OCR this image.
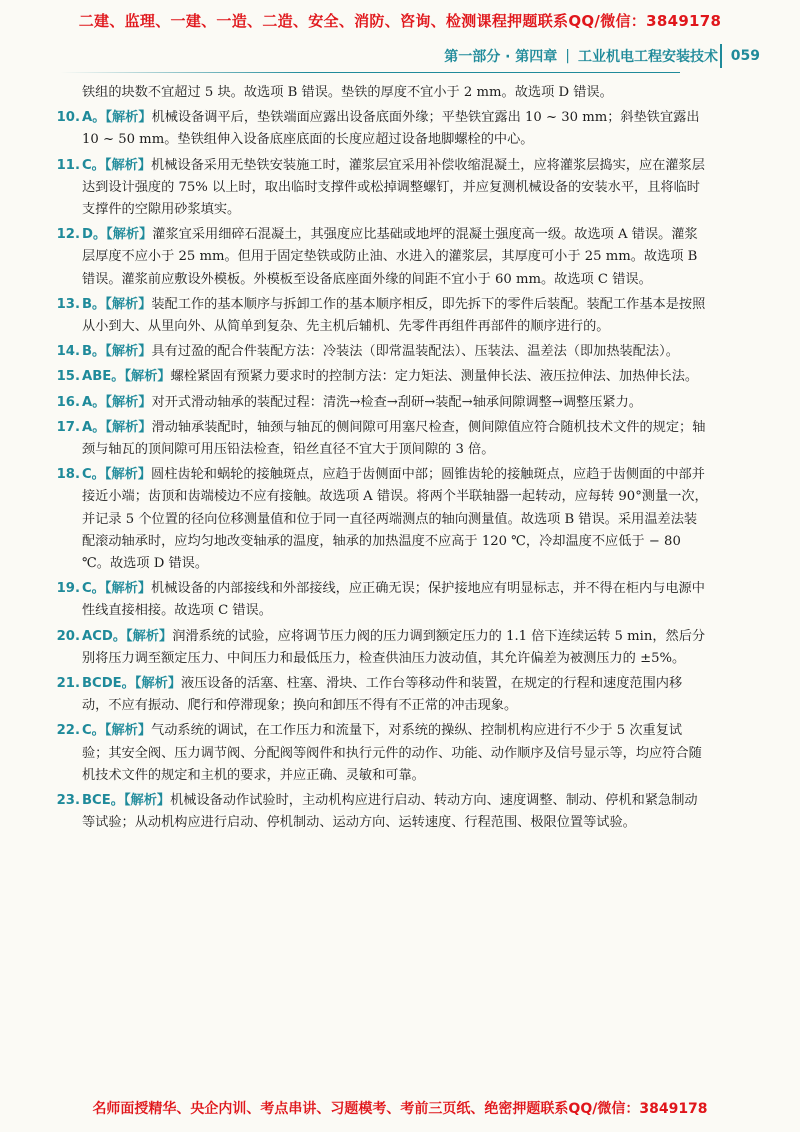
二建、监理、一建、一造、二造、安全、消防、咨询、检测课程押题联系QQ/微信：3849178
第一部分 · 第四章 | 工业机电工程安装技术 059

铁组的块数不宜超过 5 块。故选项 B 错误。垫铁的厚度不宜小于 2 mm。故选项 D 错误。

10. A。【解析】机械设备调平后，垫铁端面应露出设备底面外缘；平垫铁宜露出 10 ~ 30 mm；斜垫铁宜露出 10 ~ 50 mm。垫铁组伸入设备底座底面的长度应超过设备地脚螺栓的中心。

11. C。【解析】机械设备采用无垫铁安装施工时，灌浆层宜采用补偿收缩混凝土，应将灌浆层捣实，应在灌浆层达到设计强度的 75% 以上时，取出临时支撑件或松掉调整螺钉，并应复测机械设备的安装水平，且将临时支撑件的空隙用砂浆填实。

12. D。【解析】灌浆宜采用细碎石混凝土，其强度应比基础或地坪的混凝土强度高一级。故选项 A 错误。灌浆层厚度不应小于 25 mm。但用于固定垫铁或防止油、水进入的灌浆层，其厚度可小于 25 mm。故选项 B 错误。灌浆前应敷设外模板。外模板至设备底座面外缘的间距不宜小于 60 mm。故选项 C 错误。

13. B。【解析】装配工作的基本顺序与拆卸工作的基本顺序相反，即先拆下的零件后装配。装配工作基本是按照从小到大、从里向外、从简单到复杂、先主机后辅机、先零件再组件再部件的顺序进行的。

14. B。【解析】具有过盈的配合件装配方法：冷装法（即常温装配法）、压装法、温差法（即加热装配法）。

15. ABE。【解析】螺栓紧固有预紧力要求时的控制方法：定力矩法、测量伸长法、液压拉伸法、加热伸长法。

16. A。【解析】对开式滑动轴承的装配过程：清洗→检查→刮研→装配→轴承间隙调整→调整压紧力。

17. A。【解析】滑动轴承装配时，轴颈与轴瓦的侧间隙可用塞尺检查，侧间隙值应符合随机技术文件的规定；轴颈与轴瓦的顶间隙可用压铅法检查，铅丝直径不宜大于顶间隙的 3 倍。

18. C。【解析】圆柱齿轮和蜗轮的接触斑点，应趋于齿侧面中部；圆锥齿轮的接触斑点，应趋于齿侧面的中部并接近小端；齿顶和齿端棱边不应有接触。故选项 A 错误。将两个半联轴器一起转动，应每转 90°测量一次，并记录 5 个位置的径向位移测量值和位于同一直径两端测点的轴向测量值。故选项 B 错误。采用温差法装配滚动轴承时，应均匀地改变轴承的温度，轴承的加热温度不应高于 120 ℃，冷却温度不应低于 − 80 ℃。故选项 D 错误。

19. C。【解析】机械设备的内部接线和外部接线，应正确无误；保护接地应有明显标志，并不得在柜内与电源中性线直接相接。故选项 C 错误。

20. ACD。【解析】润滑系统的试验，应将调节压力阀的压力调到额定压力的 1.1 倍下连续运转 5 min，然后分别将压力调至额定压力、中间压力和最低压力，检查供油压力波动值，其允许偏差为被测压力的 ±5%。

21. BCDE。【解析】液压设备的活塞、柱塞、滑块、工作台等移动件和装置，在规定的行程和速度范围内移动，不应有振动、爬行和停滞现象；换向和卸压不得有不正常的冲击现象。

22. C。【解析】气动系统的调试，在工作压力和流量下，对系统的操纵、控制机构应进行不少于 5 次重复试验；其安全阀、压力调节阀、分配阀等阀件和执行元件的动作、功能、动作顺序及信号显示等，均应符合随机技术文件的规定和主机的要求，并应正确、灵敏和可靠。

23. BCE。【解析】机械设备动作试验时，主动机构应进行启动、转动方向、速度调整、制动、停机和紧急制动等试验；从动机构应进行启动、停机制动、运动方向、运转速度、行程范围、极限位置等试验。

名师面授精华、央企内训、考点串讲、习题模考、考前三页纸、绝密押题联系QQ/微信：3849178
